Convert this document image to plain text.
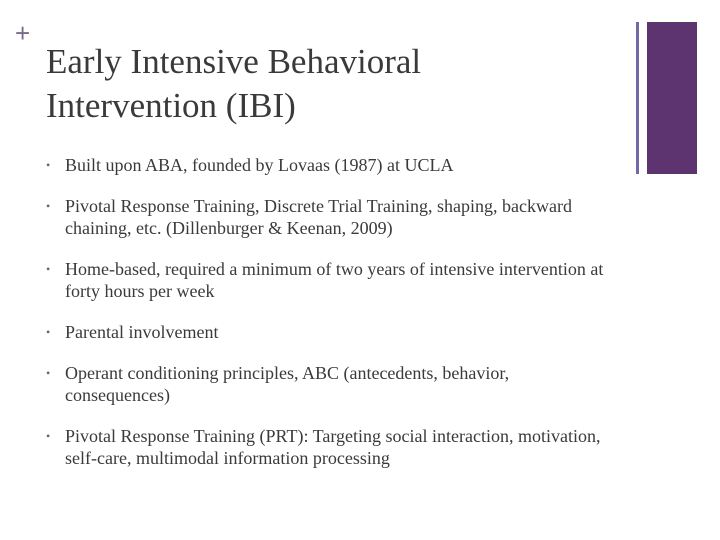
+
Early Intensive Behavioral
Intervention (IBI)
• Built upon ABA, founded by Lovaas (1987) at UCLA
• Pivotal Response Training, Discrete Trial Training, shaping, backward chaining, etc. (Dillenburger & Keenan, 2009)
• Home-based, required a minimum of two years of intensive intervention at forty hours per week
• Parental involvement
• Operant conditioning principles, ABC (antecedents, behavior, consequences)
• Pivotal Response Training (PRT): Targeting social interaction, motivation, self-care, multimodal information processing
